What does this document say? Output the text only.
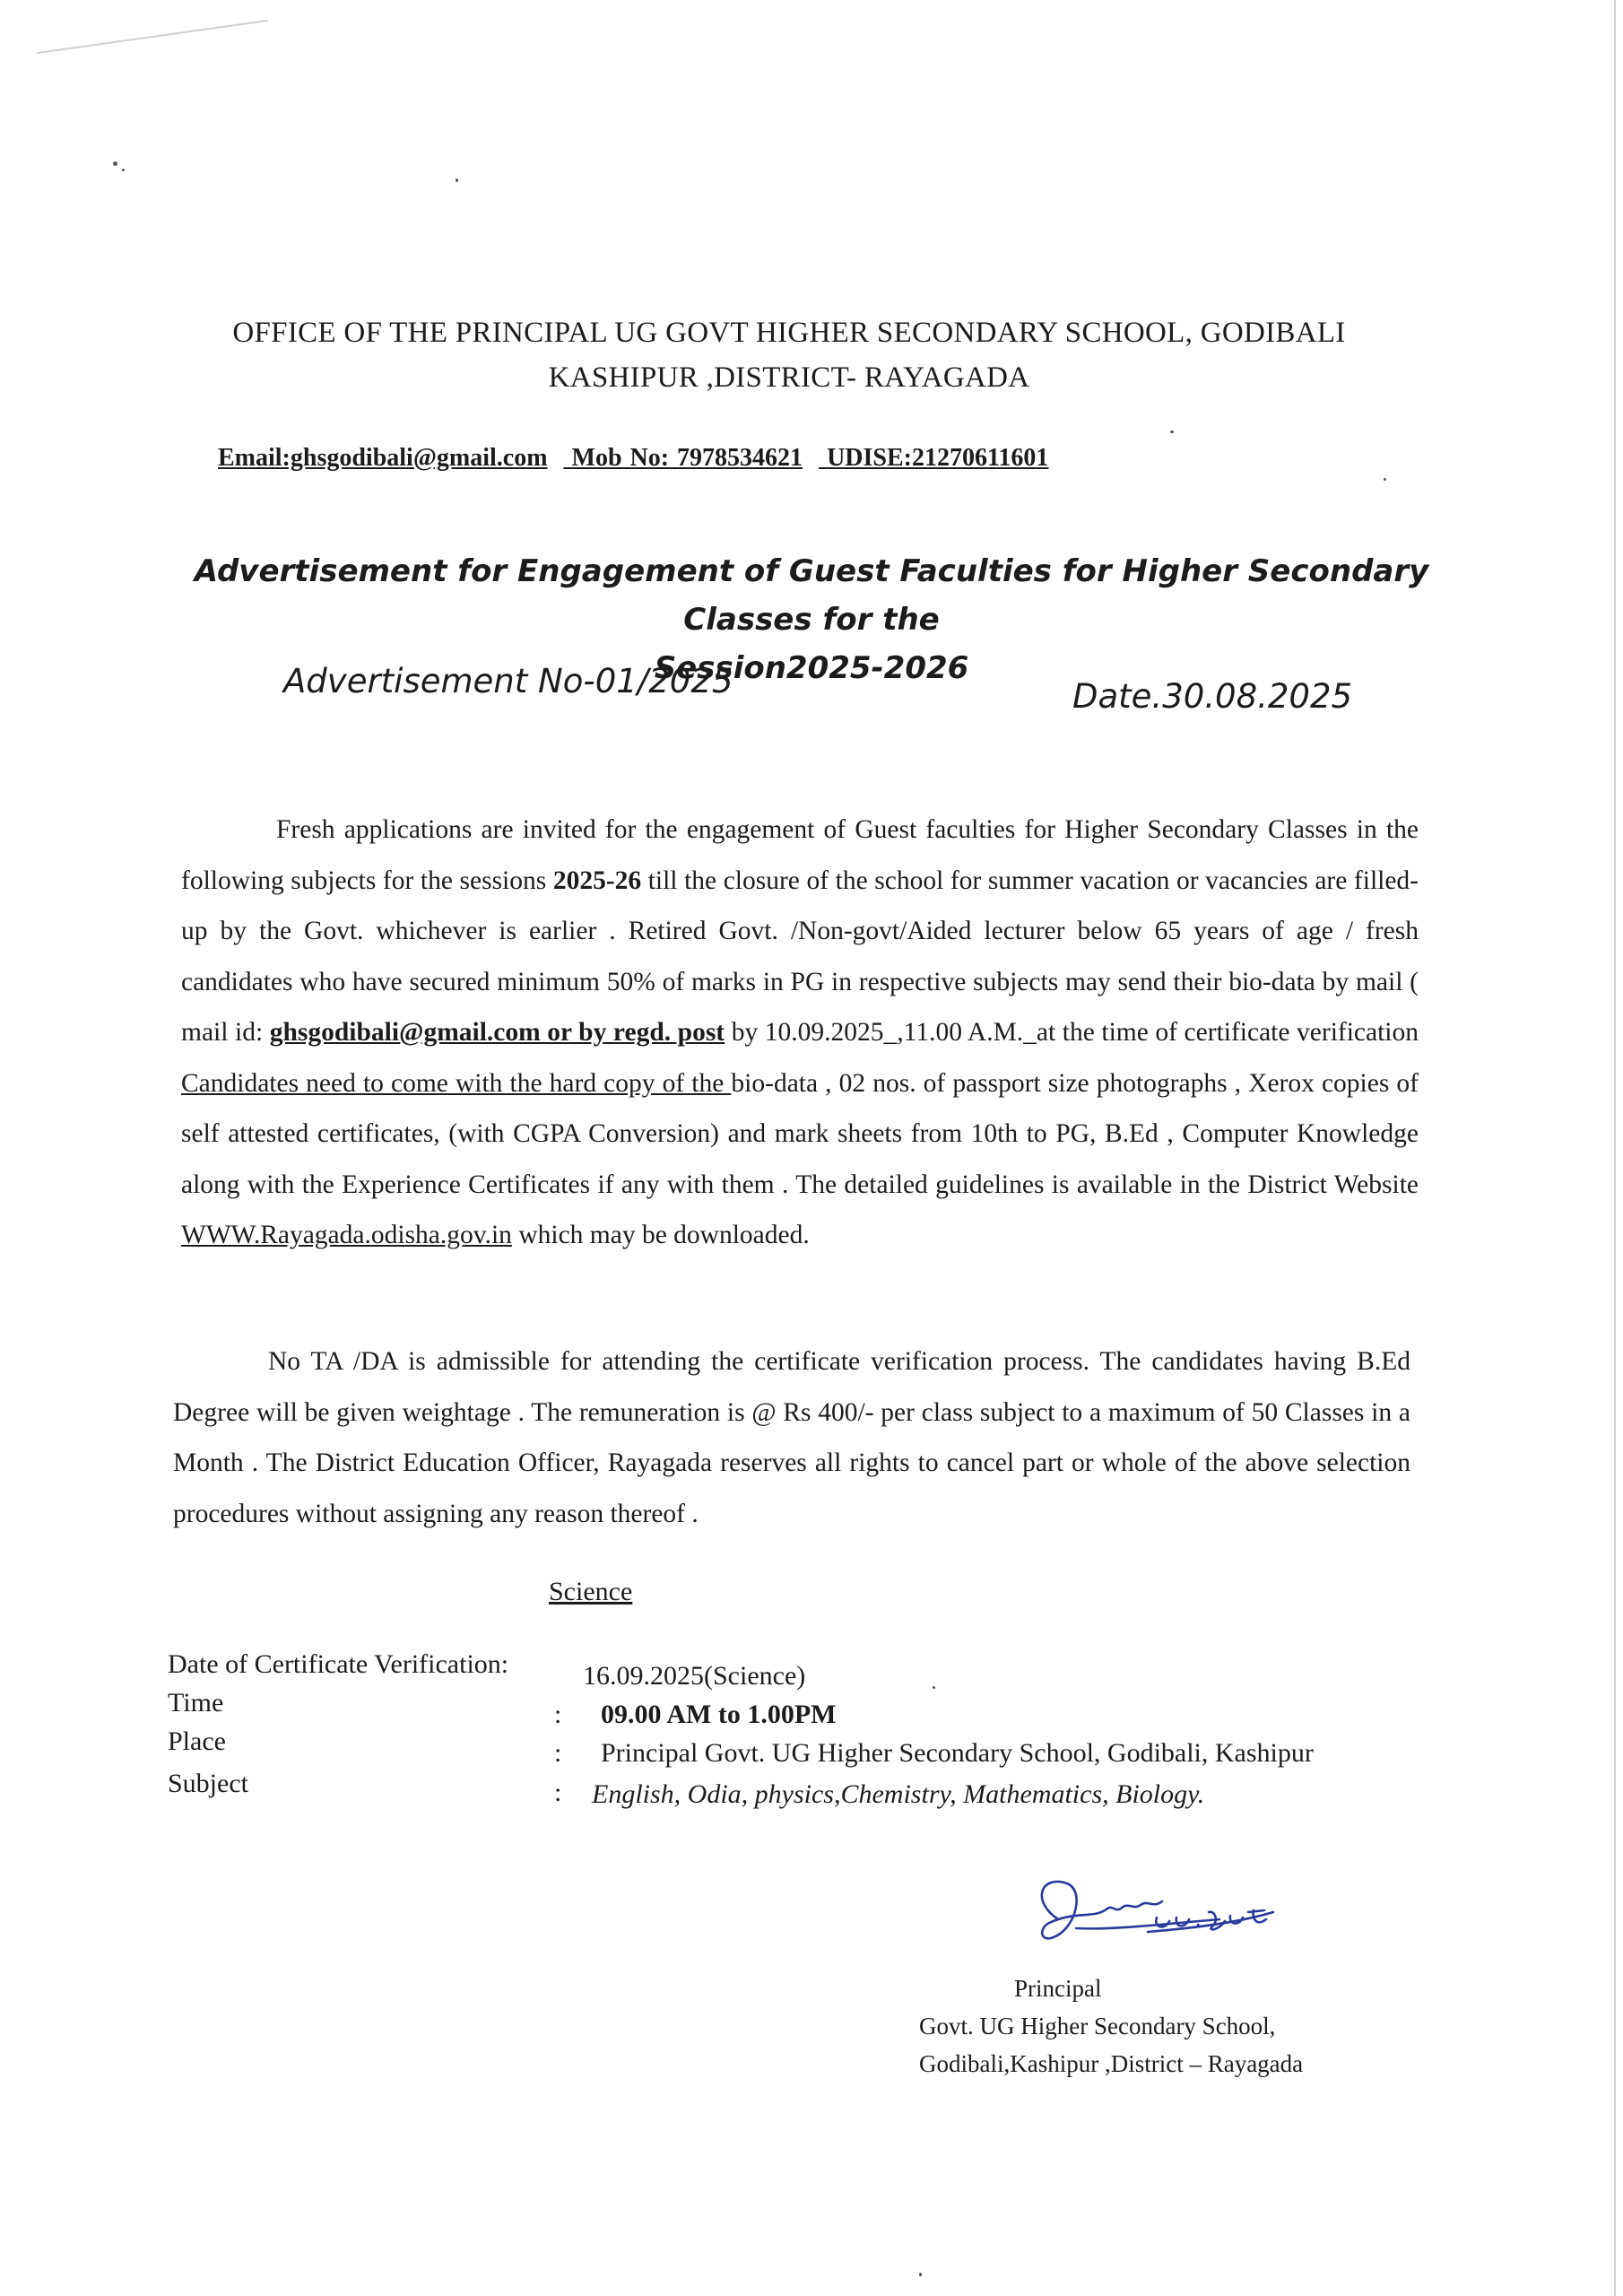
OFFICE OF THE PRINCIPAL UG GOVT HIGHER SECONDARY SCHOOL, GODIBALI
KASHIPUR ,DISTRICT- RAYAGADA
Email:ghsgodibali@gmail.com Mob No: 7978534621 UDISE:21270611601
Advertisement for Engagement of Guest Faculties for Higher Secondary Classes for the
Session2025-2026
Advertisement No-01/2025	Date.30.08.2025
Fresh applications are invited for the engagement of Guest faculties for Higher Secondary Classes in the following subjects for the sessions 2025-26 till the closure of the school for summer vacation or vacancies are filled-up by the Govt. whichever is earlier . Retired Govt. /Non-govt/Aided lecturer below 65 years of age / fresh candidates who have secured minimum 50% of marks in PG in respective subjects may send their bio-data by mail ( mail id: ghsgodibali@gmail.com or by regd. post by 10.09.2025_,11.00 A.M._at the time of certificate verification Candidates need to come with the hard copy of the bio-data , 02 nos. of passport size photographs , Xerox copies of self attested certificates, (with CGPA Conversion) and mark sheets from 10th to PG, B.Ed , Computer Knowledge along with the Experience Certificates if any with them . The detailed guidelines is available in the District Website WWW.Rayagada.odisha.gov.in which may be downloaded.
No TA /DA is admissible for attending the certificate verification process. The candidates having B.Ed Degree will be given weightage . The remuneration is @ Rs 400/- per class subject to a maximum of 50 Classes in a Month . The District Education Officer, Rayagada reserves all rights to cancel part or whole of the above selection procedures without assigning any reason thereof .
Science
Date of Certificate Verification:	16.09.2025(Science)
Time	: 09.00 AM to 1.00PM
Place	: Principal Govt. UG Higher Secondary School, Godibali, Kashipur
Subject	: English, Odia, physics,Chemistry, Mathematics, Biology.
Principal
Govt. UG Higher Secondary School,
Godibali,Kashipur ,District – Rayagada
